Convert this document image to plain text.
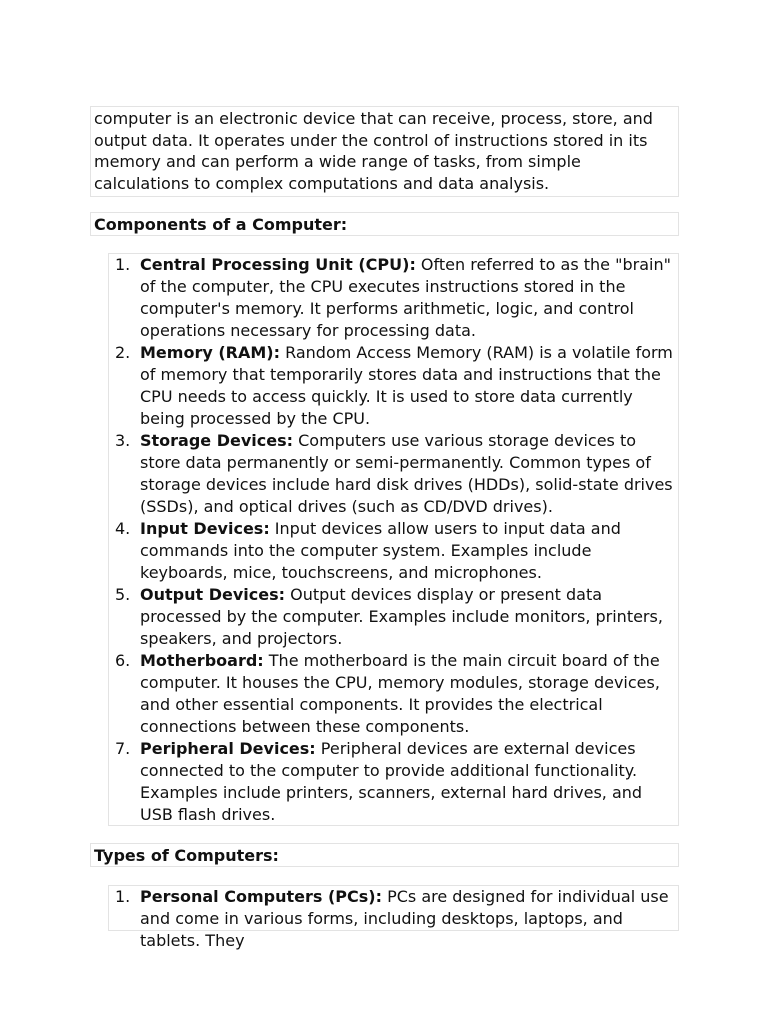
computer is an electronic device that can receive, process, store, and output data. It operates under the control of instructions stored in its memory and can perform a wide range of tasks, from simple calculations to complex computations and data analysis.
Components of a Computer:
1. Central Processing Unit (CPU): Often referred to as the "brain" of the computer, the CPU executes instructions stored in the computer's memory. It performs arithmetic, logic, and control operations necessary for processing data.
2. Memory (RAM): Random Access Memory (RAM) is a volatile form of memory that temporarily stores data and instructions that the CPU needs to access quickly. It is used to store data currently being processed by the CPU.
3. Storage Devices: Computers use various storage devices to store data permanently or semi-permanently. Common types of storage devices include hard disk drives (HDDs), solid-state drives (SSDs), and optical drives (such as CD/DVD drives).
4. Input Devices: Input devices allow users to input data and commands into the computer system. Examples include keyboards, mice, touchscreens, and microphones.
5. Output Devices: Output devices display or present data processed by the computer. Examples include monitors, printers, speakers, and projectors.
6. Motherboard: The motherboard is the main circuit board of the computer. It houses the CPU, memory modules, storage devices, and other essential components. It provides the electrical connections between these components.
7. Peripheral Devices: Peripheral devices are external devices connected to the computer to provide additional functionality. Examples include printers, scanners, external hard drives, and USB flash drives.
Types of Computers:
1. Personal Computers (PCs): PCs are designed for individual use and come in various forms, including desktops, laptops, and tablets. They
